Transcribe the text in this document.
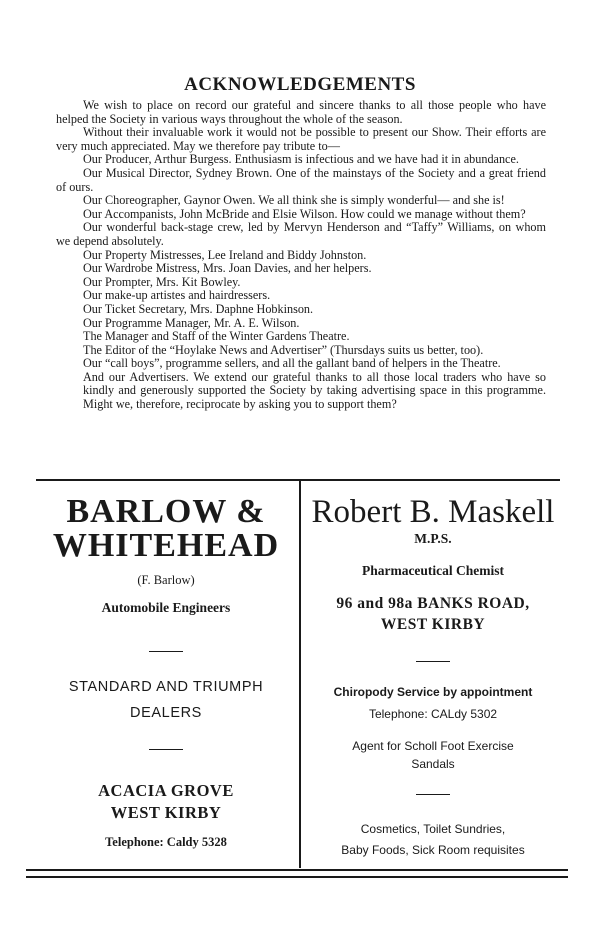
ACKNOWLEDGEMENTS

We wish to place on record our grateful and sincere thanks to all those people who have helped the Society in various ways throughout the whole of the season.

Without their invaluable work it would not be possible to present our Show. Their efforts are very much appreciated. May we therefore pay tribute to—

Our Producer, Arthur Burgess. Enthusiasm is infectious and we have had it in abundance.

Our Musical Director, Sydney Brown. One of the mainstays of the Society and a great friend of ours.

Our Choreographer, Gaynor Owen. We all think she is simply wonderful— and she is!

Our Accompanists, John McBride and Elsie Wilson. How could we manage without them?

Our wonderful back-stage crew, led by Mervyn Henderson and “Taffy” Williams, on whom we depend absolutely.

Our Property Mistresses, Lee Ireland and Biddy Johnston.

Our Wardrobe Mistress, Mrs. Joan Davies, and her helpers.

Our Prompter, Mrs. Kit Bowley.

Our make-up artistes and hairdressers.

Our Ticket Secretary, Mrs. Daphne Hobkinson.

Our Programme Manager, Mr. A. E. Wilson.

The Manager and Staff of the Winter Gardens Theatre.

The Editor of the “Hoylake News and Advertiser” (Thursdays suits us better, too).

Our “call boys”, programme sellers, and all the gallant band of helpers in the Theatre.

And our Advertisers. We extend our grateful thanks to all those local traders who have so kindly and generously supported the Society by taking advertising space in this programme. Might we, therefore, reciprocate by asking you to support them?

BARLOW &
WHITEHEAD
(F. Barlow)
Automobile Engineers
STANDARD AND TRIUMPH
DEALERS
ACACIA GROVE
WEST KIRBY
Telephone: Caldy 5328
Robert B. Maskell
M.P.S.
Pharmaceutical Chemist
96 and 98a BANKS ROAD,
WEST KIRBY
Chiropody Service by appointment
Telephone: CALdy 5302
Agent for Scholl Foot Exercise
Sandals
Cosmetics, Toilet Sundries,
Baby Foods, Sick Room requisites
